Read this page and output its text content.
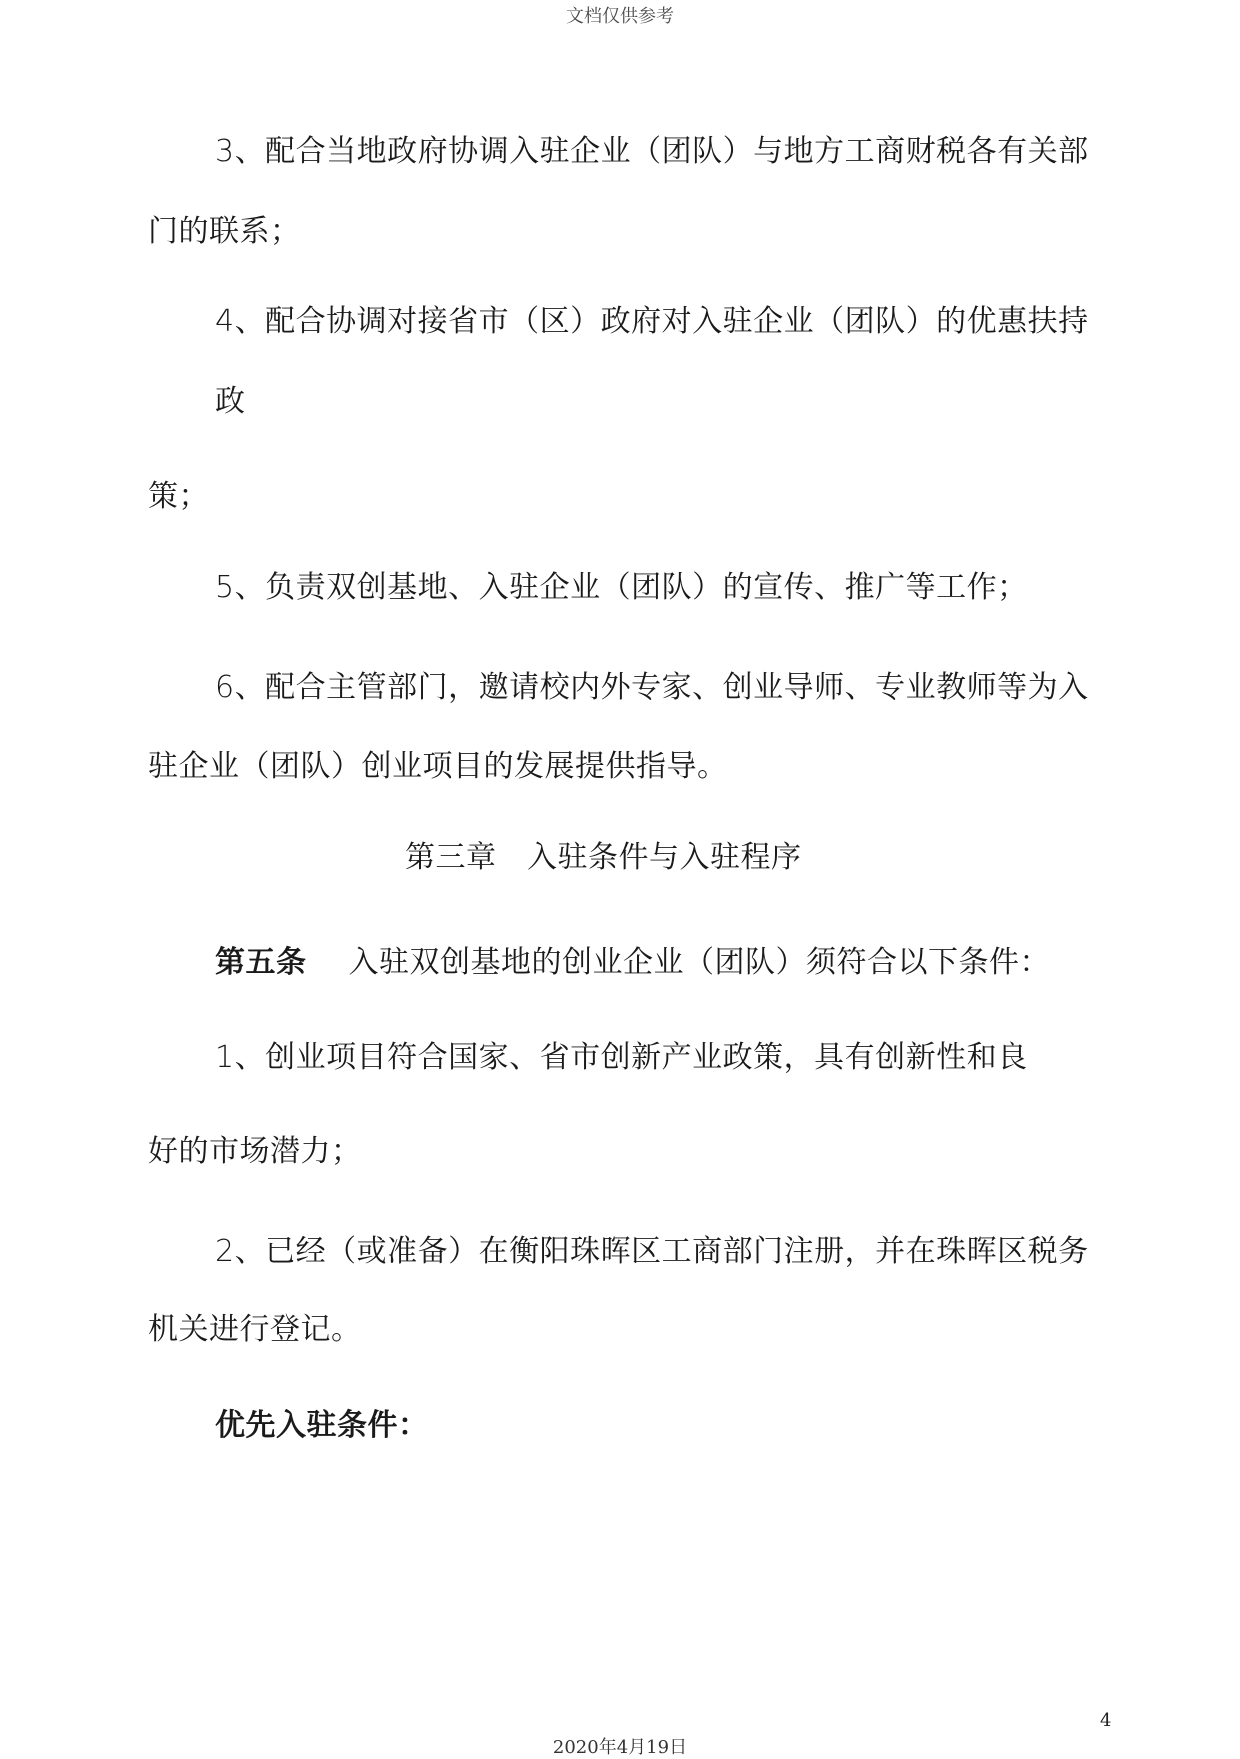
文档仅供参考
3、配合当地政府协调入驻企业（团队）与地方工商财税各有关部
门的联系；
4、配合协调对接省市（区）政府对入驻企业（团队）的优惠扶持
政
策；
5、负责双创基地、入驻企业（团队）的宣传、推广等工作；
6、配合主管部门，邀请校内外专家、创业导师、专业教师等为入
驻企业（团队）创业项目的发展提供指导。
第三章　入驻条件与入驻程序
第五条 入驻双创基地的创业企业（团队）须符合以下条件：
1、创业项目符合国家、省市创新产业政策，具有创新性和良
好的市场潜力；
2、已经（或准备）在衡阳珠晖区工商部门注册，并在珠晖区税务
机关进行登记。
优先入驻条件：
4
2020年4月19日
